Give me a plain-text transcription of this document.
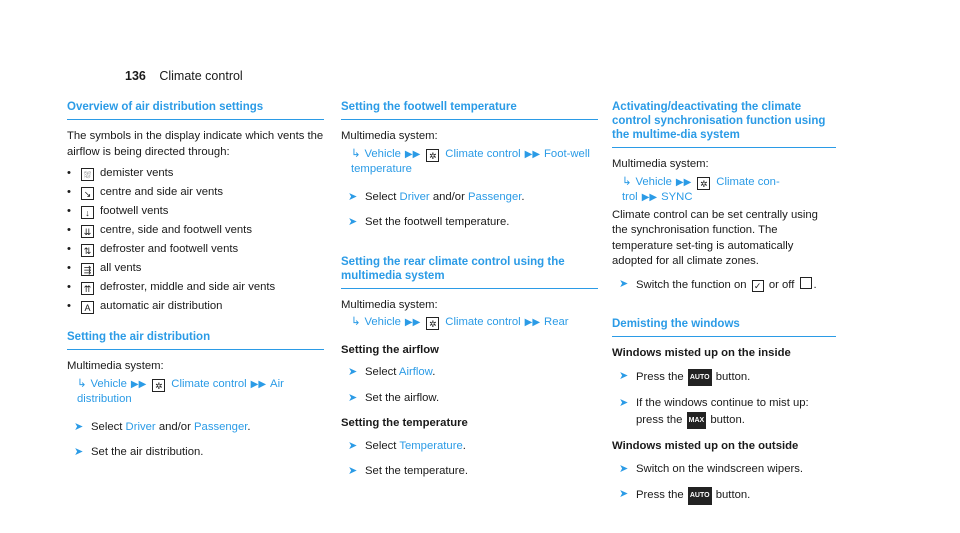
136 Climate control
Overview of air distribution settings

The symbols in the display indicate which vents the airflow is being directed through:

• ⛆ demister vents
• ↘ centre and side air vents
• ↓ footwell vents
• ⇊ centre, side and footwell vents
• ⇅ defroster and footwell vents
• ⇶ all vents
• ⇈ defroster, middle and side air vents
• A automatic air distribution
Setting the air distribution

Multimedia system:

↳ Vehicle ▶▶ ✲ Climate control ▶▶ Air distribution

➤ Select Driver and/or Passenger.
➤ Set the air distribution.
Setting the footwell temperature

Multimedia system:

↳ Vehicle ▶▶ ✲ Climate control ▶▶ Foot-well temperature

➤ Select Driver and/or Passenger.
➤ Set the footwell temperature.
Setting the rear climate control using the multimedia system

Multimedia system:

↳ Vehicle ▶▶ ✲ Climate control ▶▶ Rear

Setting the airflow

➤ Select Airflow.
➤ Set the airflow.

Setting the temperature

➤ Select Temperature.
➤ Set the temperature.
Activating/deactivating the climate control synchronisation function using the multime-dia system

Multimedia system:

↳ Vehicle ▶▶ ✲ Climate con-trol ▶▶ SYNC

Climate control can be set centrally using the synchronisation function. The temperature set-ting is automatically adopted for all climate zones.

➤ Switch the function on ✓ or off .
Demisting the windows

Windows misted up on the inside

➤ Press the AUTO button.
➤ If the windows continue to mist up: press the MAX button.

Windows misted up on the outside

➤ Switch on the windscreen wipers.
➤ Press the AUTO button.
